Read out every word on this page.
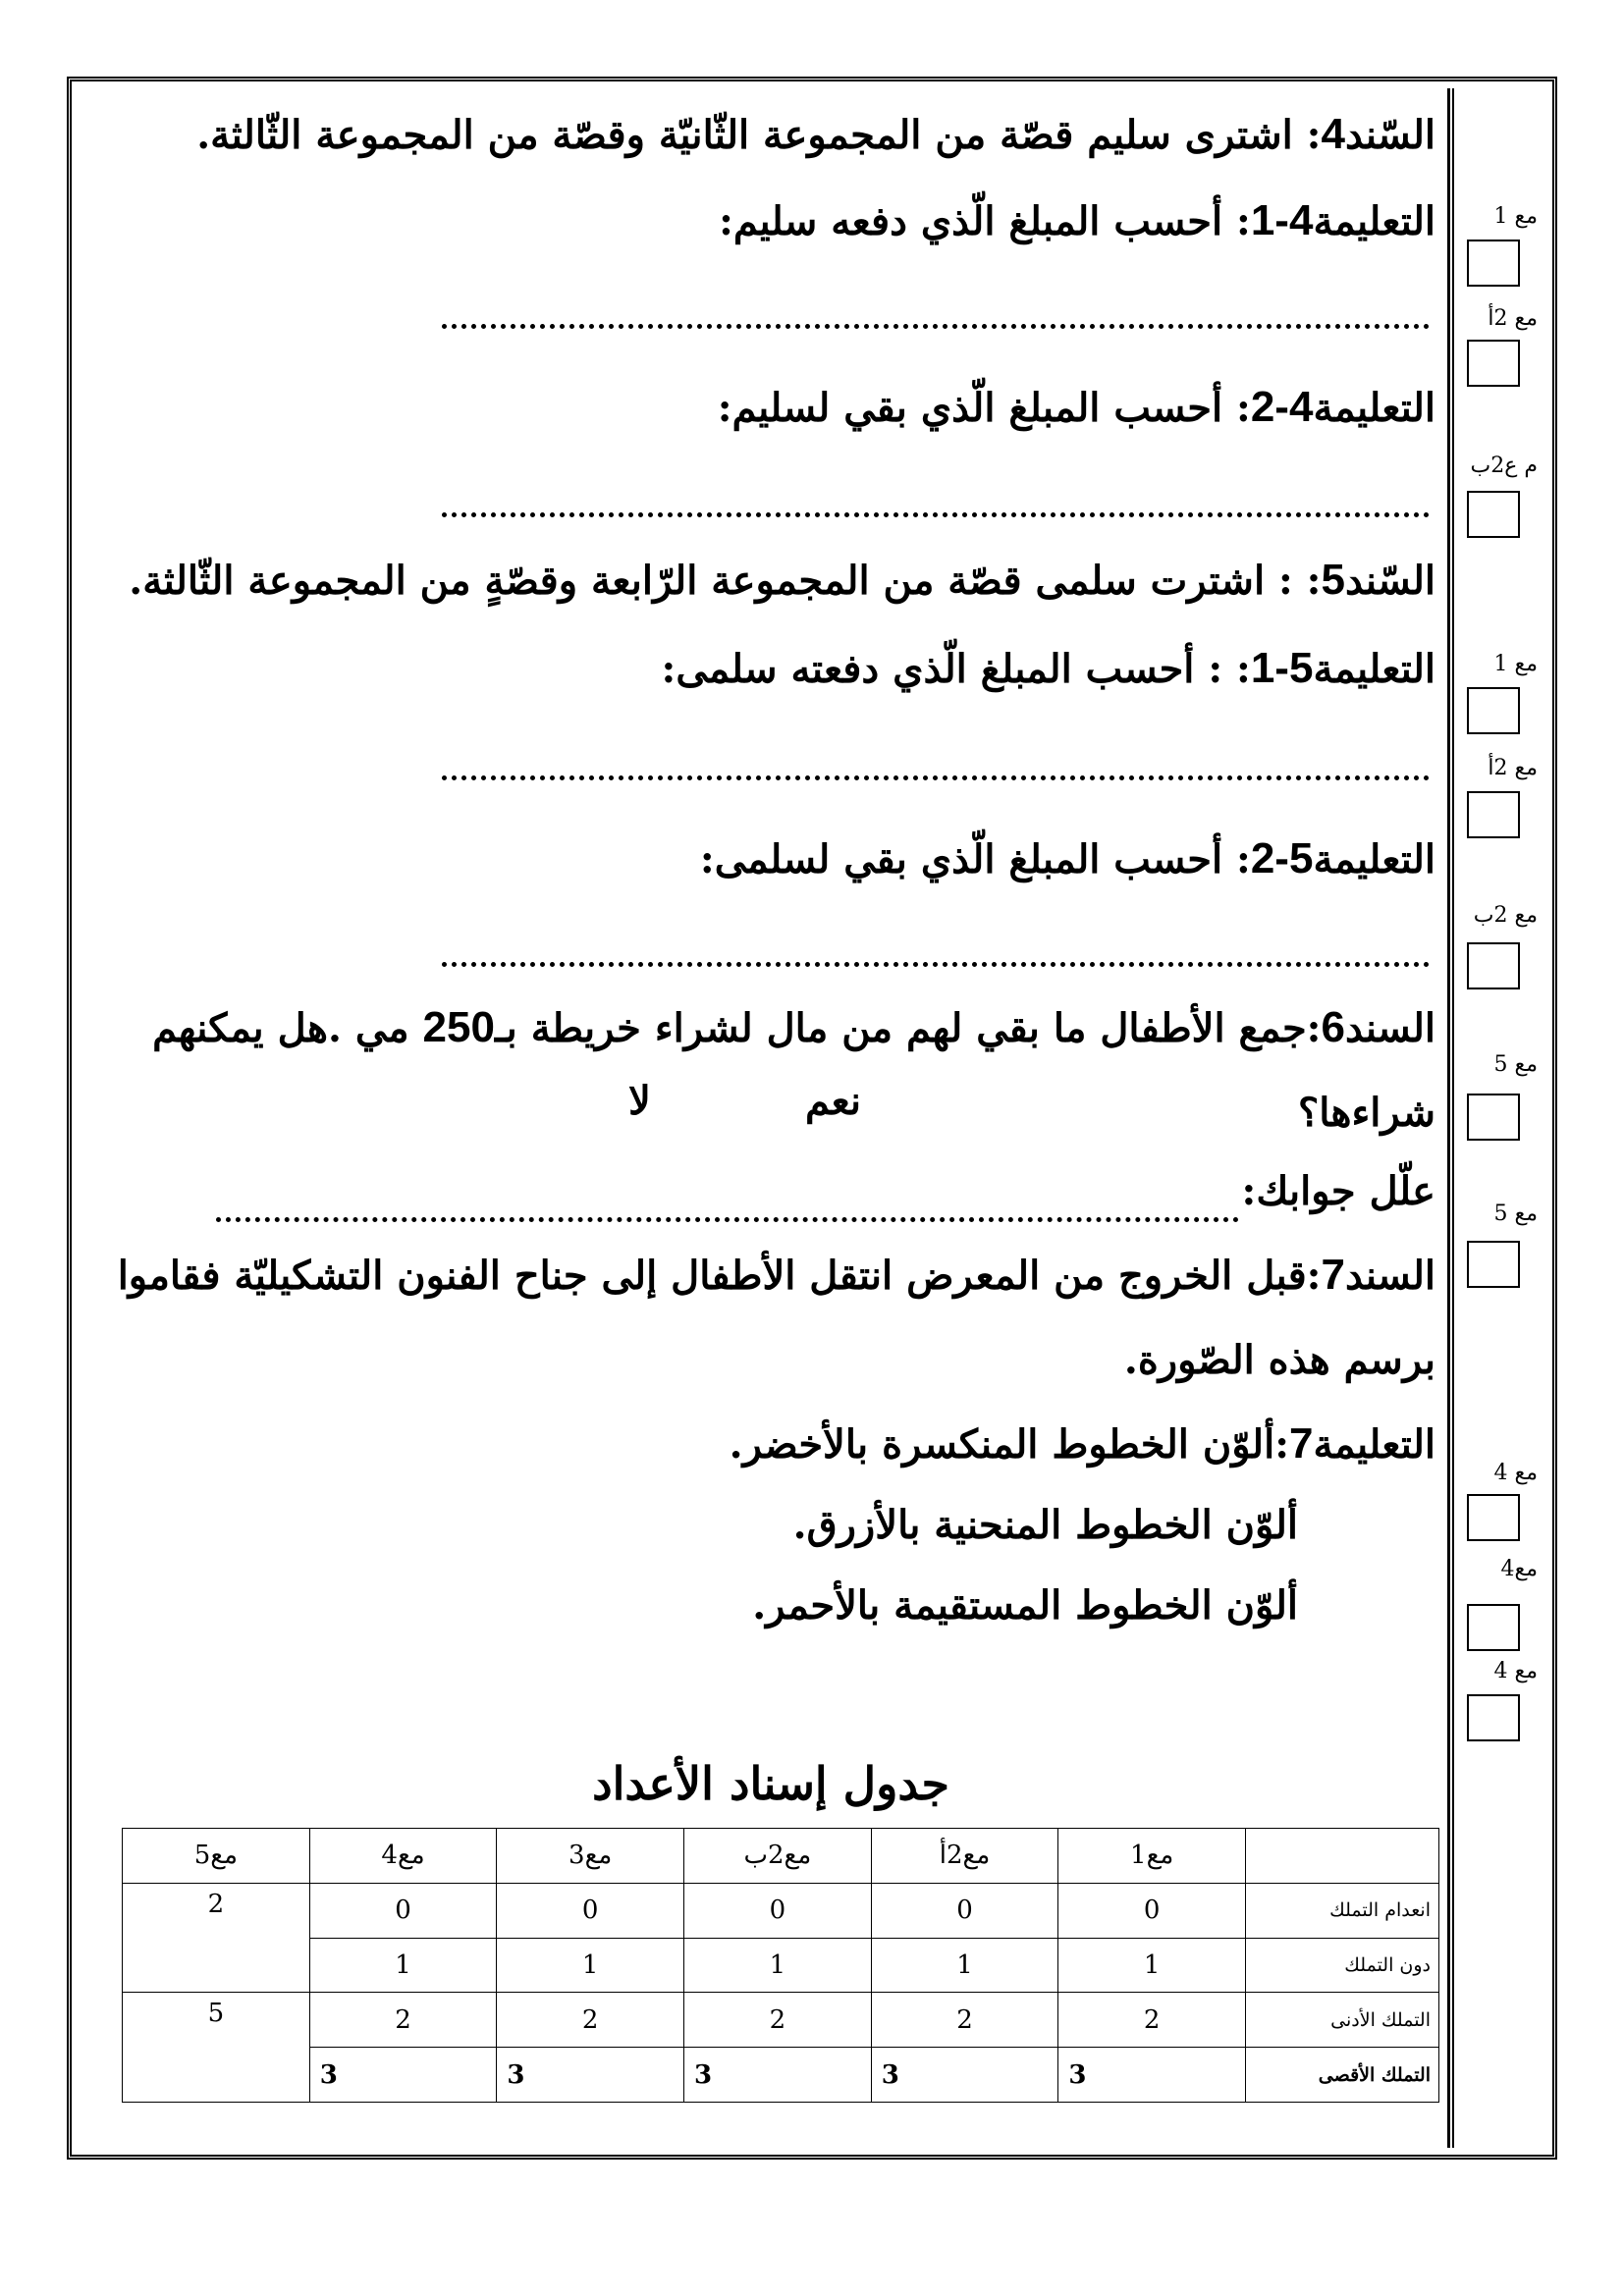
السّند4: اشترى سليم قصّة من المجموعة الثّانيّة وقصّة من المجموعة الثّالثة.
التعليمة4-1: أحسب المبلغ الّذي دفعه سليم:
التعليمة4-2: أحسب المبلغ الّذي بقي لسليم:
السّند5: : اشترت سلمى قصّة من المجموعة الرّابعة وقصّةٍ من المجموعة الثّالثة.
التعليمة5-1: : أحسب المبلغ الّذي دفعته سلمى:
التعليمة5-2: أحسب المبلغ الّذي بقي لسلمى:
السند6:جمع الأطفال ما بقي لهم من مال لشراء خريطة بـ250 مي .هل يمكنهم
شراءها؟
نعم
لا
علّل جوابك:
السند7:قبل الخروج من المعرض انتقل الأطفال إلى جناح الفنون التشكيليّة فقاموا
برسم هذه الصّورة.
التعليمة7:ألوّن الخطوط المنكسرة بالأخضر.
ألوّن الخطوط المنحنية بالأزرق.
ألوّن الخطوط المستقيمة بالأحمر.
مع 1
مع 2أ
م ع2ب
مع 1
مع 2أ
مع 2ب
مع 5
مع 5
مع 4
مع4
مع 4
جدول إسناد الأعداد
	مع1	مع2أ	مع2ب	مع3	مع4	مع5
انعدام التملك	0	0	0	0	0	2
دون التملك	1	1	1	1	1	
التملك الأدنى	2	2	2	2	2	5
التملك الأقصى	3	3	3	3	3	
